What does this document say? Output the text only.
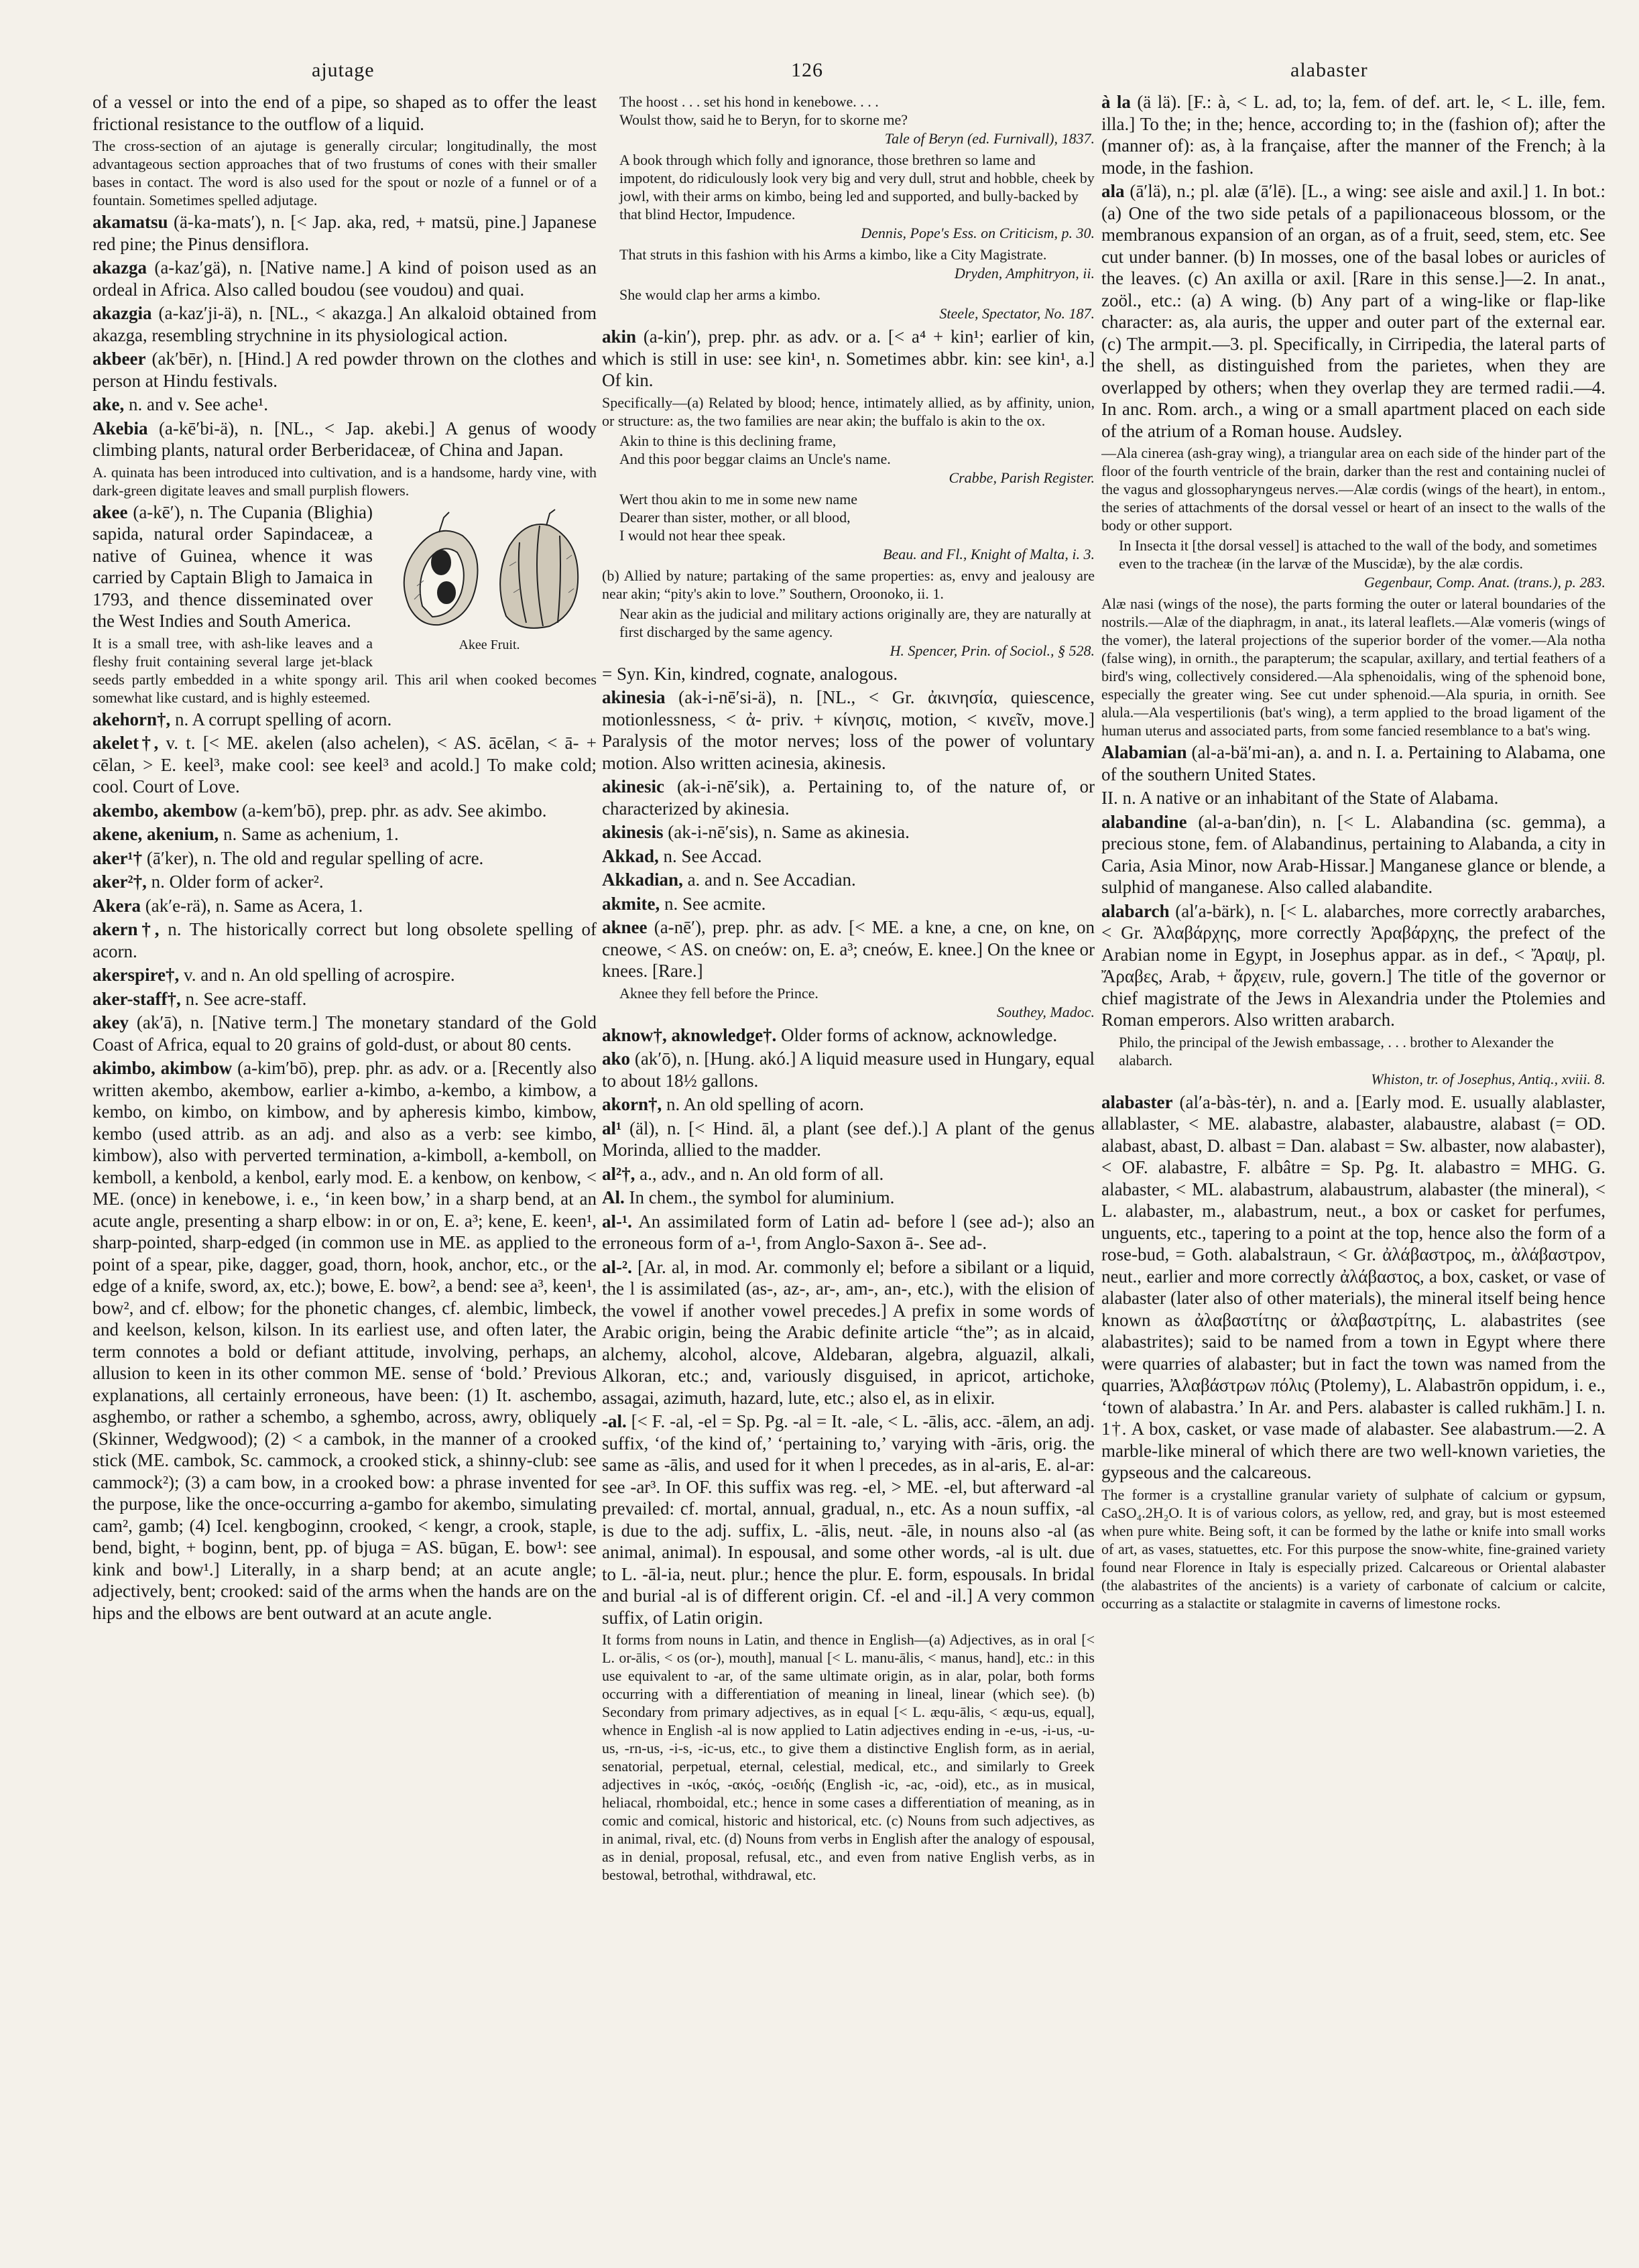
ajutage	126	alabaster

of a vessel or into the end of a pipe, so shaped as to offer the least frictional resistance to the outflow of a liquid.

The cross-section of an ajutage is generally circular; longitudinally, the most advantageous section approaches that of two frustums of cones with their smaller bases in contact. The word is also used for the spout or nozle of a funnel or of a fountain. Sometimes spelled adjutage.

akamatsu (ä-ka-mats′), n. [< Jap. aka, red, + matsü, pine.] Japanese red pine; the Pinus densiflora.

akazga (a-kaz′gä), n. [Native name.] A kind of poison used as an ordeal in Africa. Also called boudou (see voudou) and quai.

akazgia (a-kaz′ji-ä), n. [NL., < akazga.] An alkaloid obtained from akazga, resembling strychnine in its physiological action.

akbeer (ak′bēr), n. [Hind.] A red powder thrown on the clothes and person at Hindu festivals.

ake, n. and v. See ache¹.

Akebia (a-kē′bi-ä), n. [NL., < Jap. akebi.] A genus of woody climbing plants, natural order Berberidaceæ, of China and Japan.

A. quinata has been introduced into cultivation, and is a handsome, hardy vine, with dark-green digitate leaves and small purplish flowers.

Akee Fruit.
akee (a-kē′), n. The Cupania (Blighia) sapida, natural order Sapindaceæ, a native of Guinea, whence it was carried by Captain Bligh to Jamaica in 1793, and thence disseminated over the West Indies and South America.

It is a small tree, with ash-like leaves and a fleshy fruit containing several large jet-black seeds partly embedded in a white spongy aril. This aril when cooked becomes somewhat like custard, and is highly esteemed.

akehorn†, n. A corrupt spelling of acorn.

akelet†, v. t. [< ME. akelen (also achelen), < AS. ācēlan, < ā- + cēlan, > E. keel³, make cool: see keel³ and acold.] To make cold; cool. Court of Love.

akembo, akembow (a-kem′bō), prep. phr. as adv. See akimbo.

akene, akenium, n. Same as achenium, 1.

aker¹† (ā′ker), n. The old and regular spelling of acre.

aker²†, n. Older form of acker².

Akera (ak′e-rä), n. Same as Acera, 1.

akern†, n. The historically correct but long obsolete spelling of acorn.

akerspire†, v. and n. An old spelling of acrospire.

aker-staff†, n. See acre-staff.

akey (ak′ā), n. [Native term.] The monetary standard of the Gold Coast of Africa, equal to 20 grains of gold-dust, or about 80 cents.

akimbo, akimbow (a-kim′bō), prep. phr. as adv. or a. [Recently also written akembo, akembow, earlier a-kimbo, a-kembo, a kimbow, a kembo, on kimbo, on kimbow, and by apheresis kimbo, kimbow, kembo (used attrib. as an adj. and also as a verb: see kimbo, kimbow), also with perverted termination, a-kimboll, a-kemboll, on kemboll, a kenbold, a kenbol, early mod. E. a kenbow, on kenbow, < ME. (once) in kenebowe, i. e., ‘in keen bow,’ in a sharp bend, at an acute angle, presenting a sharp elbow: in or on, E. a³; kene, E. keen¹, sharp-pointed, sharp-edged (in common use in ME. as applied to the point of a spear, pike, dagger, goad, thorn, hook, anchor, etc., or the edge of a knife, sword, ax, etc.); bowe, E. bow², a bend: see a³, keen¹, bow², and cf. elbow; for the phonetic changes, cf. alembic, limbeck, and keelson, kelson, kilson. In its earliest use, and often later, the term connotes a bold or defiant attitude, involving, perhaps, an allusion to keen in its other common ME. sense of ‘bold.’ Previous explanations, all certainly erroneous, have been: (1) It. aschembo, asghembo, or rather a schembo, a sghembo, across, awry, obliquely (Skinner, Wedgwood); (2) < a cambok, in the manner of a crooked stick (ME. cambok, Sc. cammock, a crooked stick, a shinny-club: see cammock²); (3) a cam bow, in a crooked bow: a phrase invented for the purpose, like the once-occurring a-gambo for akembo, simulating cam², gamb; (4) Icel. kengboginn, crooked, < kengr, a crook, staple, bend, bight, + boginn, bent, pp. of bjuga = AS. būgan, E. bow¹: see kink and bow¹.] Literally, in a sharp bend; at an acute angle; adjectively, bent; crooked: said of the arms when the hands are on the hips and the elbows are bent outward at an acute angle.

The hoost . . . set his hond in kenebowe. . . .
Woulst thow, said he to Beryn, for to skorne me?
Tale of Beryn (ed. Furnivall), 1837.
A book through which folly and ignorance, those brethren so lame and impotent, do ridiculously look very big and very dull, strut and hobble, cheek by jowl, with their arms on kimbo, being led and supported, and bully-backed by that blind Hector, Impudence.
Dennis, Pope's Ess. on Criticism, p. 30.
That struts in this fashion with his Arms a kimbo, like a City Magistrate.
Dryden, Amphitryon, ii.
She would clap her arms a kimbo.
Steele, Spectator, No. 187.

akin (a-kin′), prep. phr. as adv. or a. [< a⁴ + kin¹; earlier of kin, which is still in use: see kin¹, n. Sometimes abbr. kin: see kin¹, a.] Of kin.

Specifically—(a) Related by blood; hence, intimately allied, as by affinity, union, or structure: as, the two families are near akin; the buffalo is akin to the ox.

Akin to thine is this declining frame,
And this poor beggar claims an Uncle's name.
Crabbe, Parish Register.
Wert thou akin to me in some new name
Dearer than sister, mother, or all blood,
I would not hear thee speak.
Beau. and Fl., Knight of Malta, i. 3.

(b) Allied by nature; partaking of the same properties: as, envy and jealousy are near akin; “pity's akin to love.” Southern, Oroonoko, ii. 1.

Near akin as the judicial and military actions originally are, they are naturally at first discharged by the same agency.
H. Spencer, Prin. of Sociol., § 528.

= Syn. Kin, kindred, cognate, analogous.

akinesia (ak-i-nē′si-ä), n. [NL., < Gr. ἀκινησία, quiescence, motionlessness, < ἀ- priv. + κίνησις, motion, < κινεῖν, move.] Paralysis of the motor nerves; loss of the power of voluntary motion. Also written acinesia, akinesis.

akinesic (ak-i-nē′sik), a. Pertaining to, of the nature of, or characterized by akinesia.

akinesis (ak-i-nē′sis), n. Same as akinesia.

Akkad, n. See Accad.

Akkadian, a. and n. See Accadian.

akmite, n. See acmite.

aknee (a-nē′), prep. phr. as adv. [< ME. a kne, a cne, on kne, on cneowe, < AS. on cneów: on, E. a³; cneów, E. knee.] On the knee or knees. [Rare.]

Aknee they fell before the Prince.
Southey, Madoc.

aknow†, aknowledge†. Older forms of acknow, acknowledge.

ako (ak′ō), n. [Hung. akó.] A liquid measure used in Hungary, equal to about 18½ gallons.

akorn†, n. An old spelling of acorn.

al¹ (äl), n. [< Hind. āl, a plant (see def.).] A plant of the genus Morinda, allied to the madder.

al²†, a., adv., and n. An old form of all.

Al. In chem., the symbol for aluminium.

al-¹. An assimilated form of Latin ad- before l (see ad-); also an erroneous form of a-¹, from Anglo-Saxon ā-. See ad-.

al-². [Ar. al, in mod. Ar. commonly el; before a sibilant or a liquid, the l is assimilated (as-, az-, ar-, am-, an-, etc.), with the elision of the vowel if another vowel precedes.] A prefix in some words of Arabic origin, being the Arabic definite article “the”; as in alcaid, alchemy, alcohol, alcove, Aldebaran, algebra, alguazil, alkali, Alkoran, etc.; and, variously disguised, in apricot, artichoke, assagai, azimuth, hazard, lute, etc.; also el, as in elixir.

-al. [< F. -al, -el = Sp. Pg. -al = It. -ale, < L. -ālis, acc. -ālem, an adj. suffix, ‘of the kind of,’ ‘pertaining to,’ varying with -āris, orig. the same as -ālis, and used for it when l precedes, as in al-aris, E. al-ar: see -ar³. In OF. this suffix was reg. -el, > ME. -el, but afterward -al prevailed: cf. mortal, annual, gradual, n., etc. As a noun suffix, -al is due to the adj. suffix, L. -ālis, neut. -āle, in nouns also -al (as animal, animal). In espousal, and some other words, -al is ult. due to L. -āl-ia, neut. plur.; hence the plur. E. form, espousals. In bridal and burial -al is of different origin. Cf. -el and -il.] A very common suffix, of Latin origin.

It forms from nouns in Latin, and thence in English—(a) Adjectives, as in oral [< L. or-ālis, < os (or-), mouth], manual [< L. manu-ālis, < manus, hand], etc.: in this use equivalent to -ar, of the same ultimate origin, as in alar, polar, both forms occurring with a differentiation of meaning in lineal, linear (which see). (b) Secondary from primary adjectives, as in equal [< L. æqu-ālis, < æqu-us, equal], whence in English -al is now applied to Latin adjectives ending in -e-us, -i-us, -u-us, -rn-us, -i-s, -ic-us, etc., to give them a distinctive English form, as in aerial, senatorial, perpetual, eternal, celestial, medical, etc., and similarly to Greek adjectives in -ικός, -ακός, -οειδής (English -ic, -ac, -oid), etc., as in musical, heliacal, rhomboidal, etc.; hence in some cases a differentiation of meaning, as in comic and comical, historic and historical, etc. (c) Nouns from such adjectives, as in animal, rival, etc. (d) Nouns from verbs in English after the analogy of espousal, as in denial, proposal, refusal, etc., and even from native English verbs, as in bestowal, betrothal, withdrawal, etc.

à la (ä lä). [F.: à, < L. ad, to; la, fem. of def. art. le, < L. ille, fem. illa.] To the; in the; hence, according to; in the (fashion of); after the (manner of): as, à la française, after the manner of the French; à la mode, in the fashion.

ala (ā′lä), n.; pl. alæ (ā′lē). [L., a wing: see aisle and axil.] 1. In bot.: (a) One of the two side petals of a papilionaceous blossom, or the membranous expansion of an organ, as of a fruit, seed, stem, etc. See cut under banner. (b) In mosses, one of the basal lobes or auricles of the leaves. (c) An axilla or axil. [Rare in this sense.]—2. In anat., zoöl., etc.: (a) A wing. (b) Any part of a wing-like or flap-like character: as, ala auris, the upper and outer part of the external ear. (c) The armpit.—3. pl. Specifically, in Cirripedia, the lateral parts of the shell, as distinguished from the parietes, when they are overlapped by others; when they overlap they are termed radii.—4. In anc. Rom. arch., a wing or a small apartment placed on each side of the atrium of a Roman house. Audsley.

—Ala cinerea (ash-gray wing), a triangular area on each side of the hinder part of the floor of the fourth ventricle of the brain, darker than the rest and containing nuclei of the vagus and glossopharyngeus nerves.—Alæ cordis (wings of the heart), in entom., the series of attachments of the dorsal vessel or heart of an insect to the walls of the body or other support.

In Insecta it [the dorsal vessel] is attached to the wall of the body, and sometimes even to the tracheæ (in the larvæ of the Muscidæ), by the alæ cordis.
Gegenbaur, Comp. Anat. (trans.), p. 283.

Alæ nasi (wings of the nose), the parts forming the outer or lateral boundaries of the nostrils.—Alæ of the diaphragm, in anat., its lateral leaflets.—Alæ vomeris (wings of the vomer), the lateral projections of the superior border of the vomer.—Ala notha (false wing), in ornith., the parapterum; the scapular, axillary, and tertial feathers of a bird's wing, collectively considered.—Ala sphenoidalis, wing of the sphenoid bone, especially the greater wing. See cut under sphenoid.—Ala spuria, in ornith. See alula.—Ala vespertilionis (bat's wing), a term applied to the broad ligament of the human uterus and associated parts, from some fancied resemblance to a bat's wing.

Alabamian (al-a-bä′mi-an), a. and n. I. a. Pertaining to Alabama, one of the southern United States.

II. n. A native or an inhabitant of the State of Alabama.

alabandine (al-a-ban′din), n. [< L. Alabandina (sc. gemma), a precious stone, fem. of Alabandinus, pertaining to Alabanda, a city in Caria, Asia Minor, now Arab-Hissar.] Manganese glance or blende, a sulphid of manganese. Also called alabandite.

alabarch (al′a-bärk), n. [< L. alabarches, more correctly arabarches, < Gr. Ἀλαβάρχης, more correctly Ἀραβάρχης, the prefect of the Arabian nome in Egypt, in Josephus appar. as in def., < Ἄραψ, pl. Ἄραβες, Arab, + ἄρχειν, rule, govern.] The title of the governor or chief magistrate of the Jews in Alexandria under the Ptolemies and Roman emperors. Also written arabarch.

Philo, the principal of the Jewish embassage, . . . brother to Alexander the alabarch.
Whiston, tr. of Josephus, Antiq., xviii. 8.

alabaster (al′a-bàs-tėr), n. and a. [Early mod. E. usually alablaster, allablaster, < ME. alabastre, alabaster, alabaustre, alabast (= OD. alabast, abast, D. albast = Dan. alabast = Sw. albaster, now alabaster), < OF. alabastre, F. albâtre = Sp. Pg. It. alabastro = MHG. G. alabaster, < ML. alabastrum, alabaustrum, alabaster (the mineral), < L. alabaster, m., alabastrum, neut., a box or casket for perfumes, unguents, etc., tapering to a point at the top, hence also the form of a rose-bud, = Goth. alabalstraun, < Gr. ἀλάβαστρος, m., ἀλάβαστρον, neut., earlier and more correctly ἀλάβαστος, a box, casket, or vase of alabaster (later also of other materials), the mineral itself being hence known as ἀλαβαστίτης or ἀλαβαστρίτης, L. alabastrites (see alabastrites); said to be named from a town in Egypt where there were quarries of alabaster; but in fact the town was named from the quarries, Ἀλαβάστρων πόλις (Ptolemy), L. Alabastrōn oppidum, i. e., ‘town of alabastra.’ In Ar. and Pers. alabaster is called rukhām.] I. n. 1†. A box, casket, or vase made of alabaster. See alabastrum.—2. A marble-like mineral of which there are two well-known varieties, the gypseous and the calcareous.

The former is a crystalline granular variety of sulphate of calcium or gypsum, CaSO₄.2H₂O. It is of various colors, as yellow, red, and gray, but is most esteemed when pure white. Being soft, it can be formed by the lathe or knife into small works of art, as vases, statuettes, etc. For this purpose the snow-white, fine-grained variety found near Florence in Italy is especially prized. Calcareous or Oriental alabaster (the alabastrites of the ancients) is a variety of carbonate of calcium or calcite, occurring as a stalactite or stalagmite in caverns of limestone rocks.
